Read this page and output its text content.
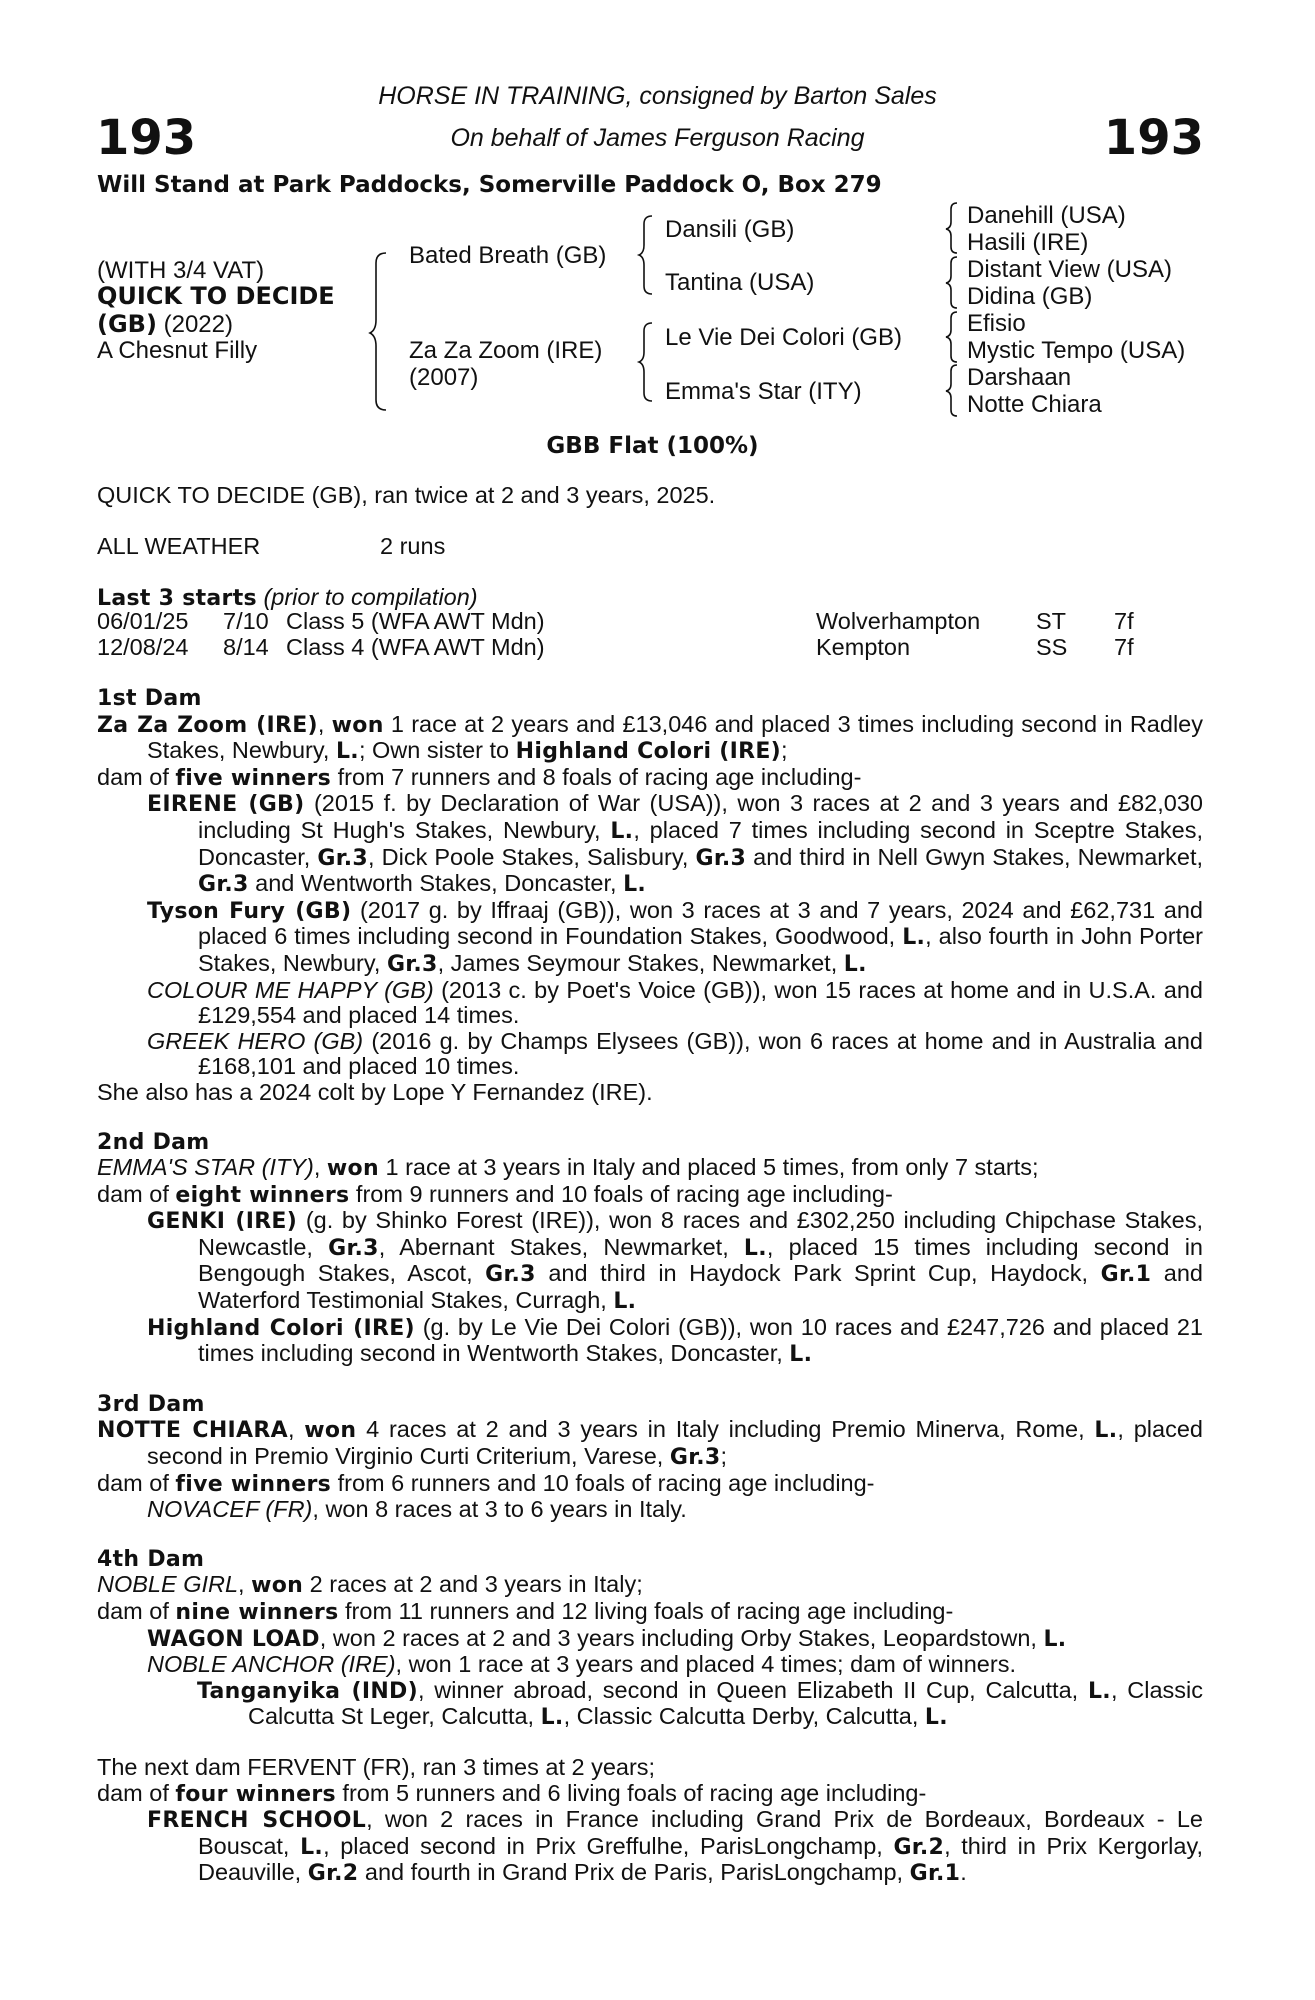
193	193
HORSE IN TRAINING, consigned by Barton Sales
On behalf of James Ferguson Racing
Will Stand at Park Paddocks, Somerville Paddock O, Box 279
(WITH 3/4 VAT)
QUICK TO DECIDE
(GB) (2022)
A Chesnut Filly
Bated Breath (GB)
Za Za Zoom (IRE)
(2007)
Dansili (GB)
Tantina (USA)
Le Vie Dei Colori (GB)
Emma's Star (ITY)
Danehill (USA)
Hasili (IRE)
Distant View (USA)
Didina (GB)
Efisio
Mystic Tempo (USA)
Darshaan
Notte Chiara
GBB Flat (100%)
QUICK TO DECIDE (GB), ran twice at 2 and 3 years, 2025.
ALL WEATHER	2 runs
Last 3 starts (prior to compilation)
06/01/25	7/10	Class 5 (WFA AWT Mdn)	Wolverhampton	ST	7f
12/08/24	8/14	Class 4 (WFA AWT Mdn)	Kempton	SS	7f
1st Dam

Za Za Zoom (IRE), won 1 race at 2 years and £13,046 and placed 3 times including second in Radley Stakes, Newbury, L.; Own sister to Highland Colori (IRE);

dam of five winners from 7 runners and 8 foals of racing age including-

EIRENE (GB) (2015 f. by Declaration of War (USA)), won 3 races at 2 and 3 years and £82,030 including St Hugh's Stakes, Newbury, L., placed 7 times including second in Sceptre Stakes, Doncaster, Gr.3, Dick Poole Stakes, Salisbury, Gr.3 and third in Nell Gwyn Stakes, Newmarket, Gr.3 and Wentworth Stakes, Doncaster, L.

Tyson Fury (GB) (2017 g. by Iffraaj (GB)), won 3 races at 3 and 7 years, 2024 and £62,731 and placed 6 times including second in Foundation Stakes, Goodwood, L., also fourth in John Porter Stakes, Newbury, Gr.3, James Seymour Stakes, Newmarket, L.

COLOUR ME HAPPY (GB) (2013 c. by Poet's Voice (GB)), won 15 races at home and in U.S.A. and £129,554 and placed 14 times.

GREEK HERO (GB) (2016 g. by Champs Elysees (GB)), won 6 races at home and in Australia and £168,101 and placed 10 times.

She also has a 2024 colt by Lope Y Fernandez (IRE).

2nd Dam

EMMA'S STAR (ITY), won 1 race at 3 years in Italy and placed 5 times, from only 7 starts;

dam of eight winners from 9 runners and 10 foals of racing age including-

GENKI (IRE) (g. by Shinko Forest (IRE)), won 8 races and £302,250 including Chipchase Stakes, Newcastle, Gr.3, Abernant Stakes, Newmarket, L., placed 15 times including second in Bengough Stakes, Ascot, Gr.3 and third in Haydock Park Sprint Cup, Haydock, Gr.1 and Waterford Testimonial Stakes, Curragh, L.

Highland Colori (IRE) (g. by Le Vie Dei Colori (GB)), won 10 races and £247,726 and placed 21 times including second in Wentworth Stakes, Doncaster, L.

3rd Dam

NOTTE CHIARA, won 4 races at 2 and 3 years in Italy including Premio Minerva, Rome, L., placed second in Premio Virginio Curti Criterium, Varese, Gr.3;

dam of five winners from 6 runners and 10 foals of racing age including-

NOVACEF (FR), won 8 races at 3 to 6 years in Italy.

4th Dam

NOBLE GIRL, won 2 races at 2 and 3 years in Italy;

dam of nine winners from 11 runners and 12 living foals of racing age including-

WAGON LOAD, won 2 races at 2 and 3 years including Orby Stakes, Leopardstown, L.

NOBLE ANCHOR (IRE), won 1 race at 3 years and placed 4 times; dam of winners.

Tanganyika (IND), winner abroad, second in Queen Elizabeth II Cup, Calcutta, L., Classic Calcutta St Leger, Calcutta, L., Classic Calcutta Derby, Calcutta, L.

The next dam FERVENT (FR), ran 3 times at 2 years;

dam of four winners from 5 runners and 6 living foals of racing age including-

FRENCH SCHOOL, won 2 races in France including Grand Prix de Bordeaux, Bordeaux - Le Bouscat, L., placed second in Prix Greffulhe, ParisLongchamp, Gr.2, third in Prix Kergorlay, Deauville, Gr.2 and fourth in Grand Prix de Paris, ParisLongchamp, Gr.1.
